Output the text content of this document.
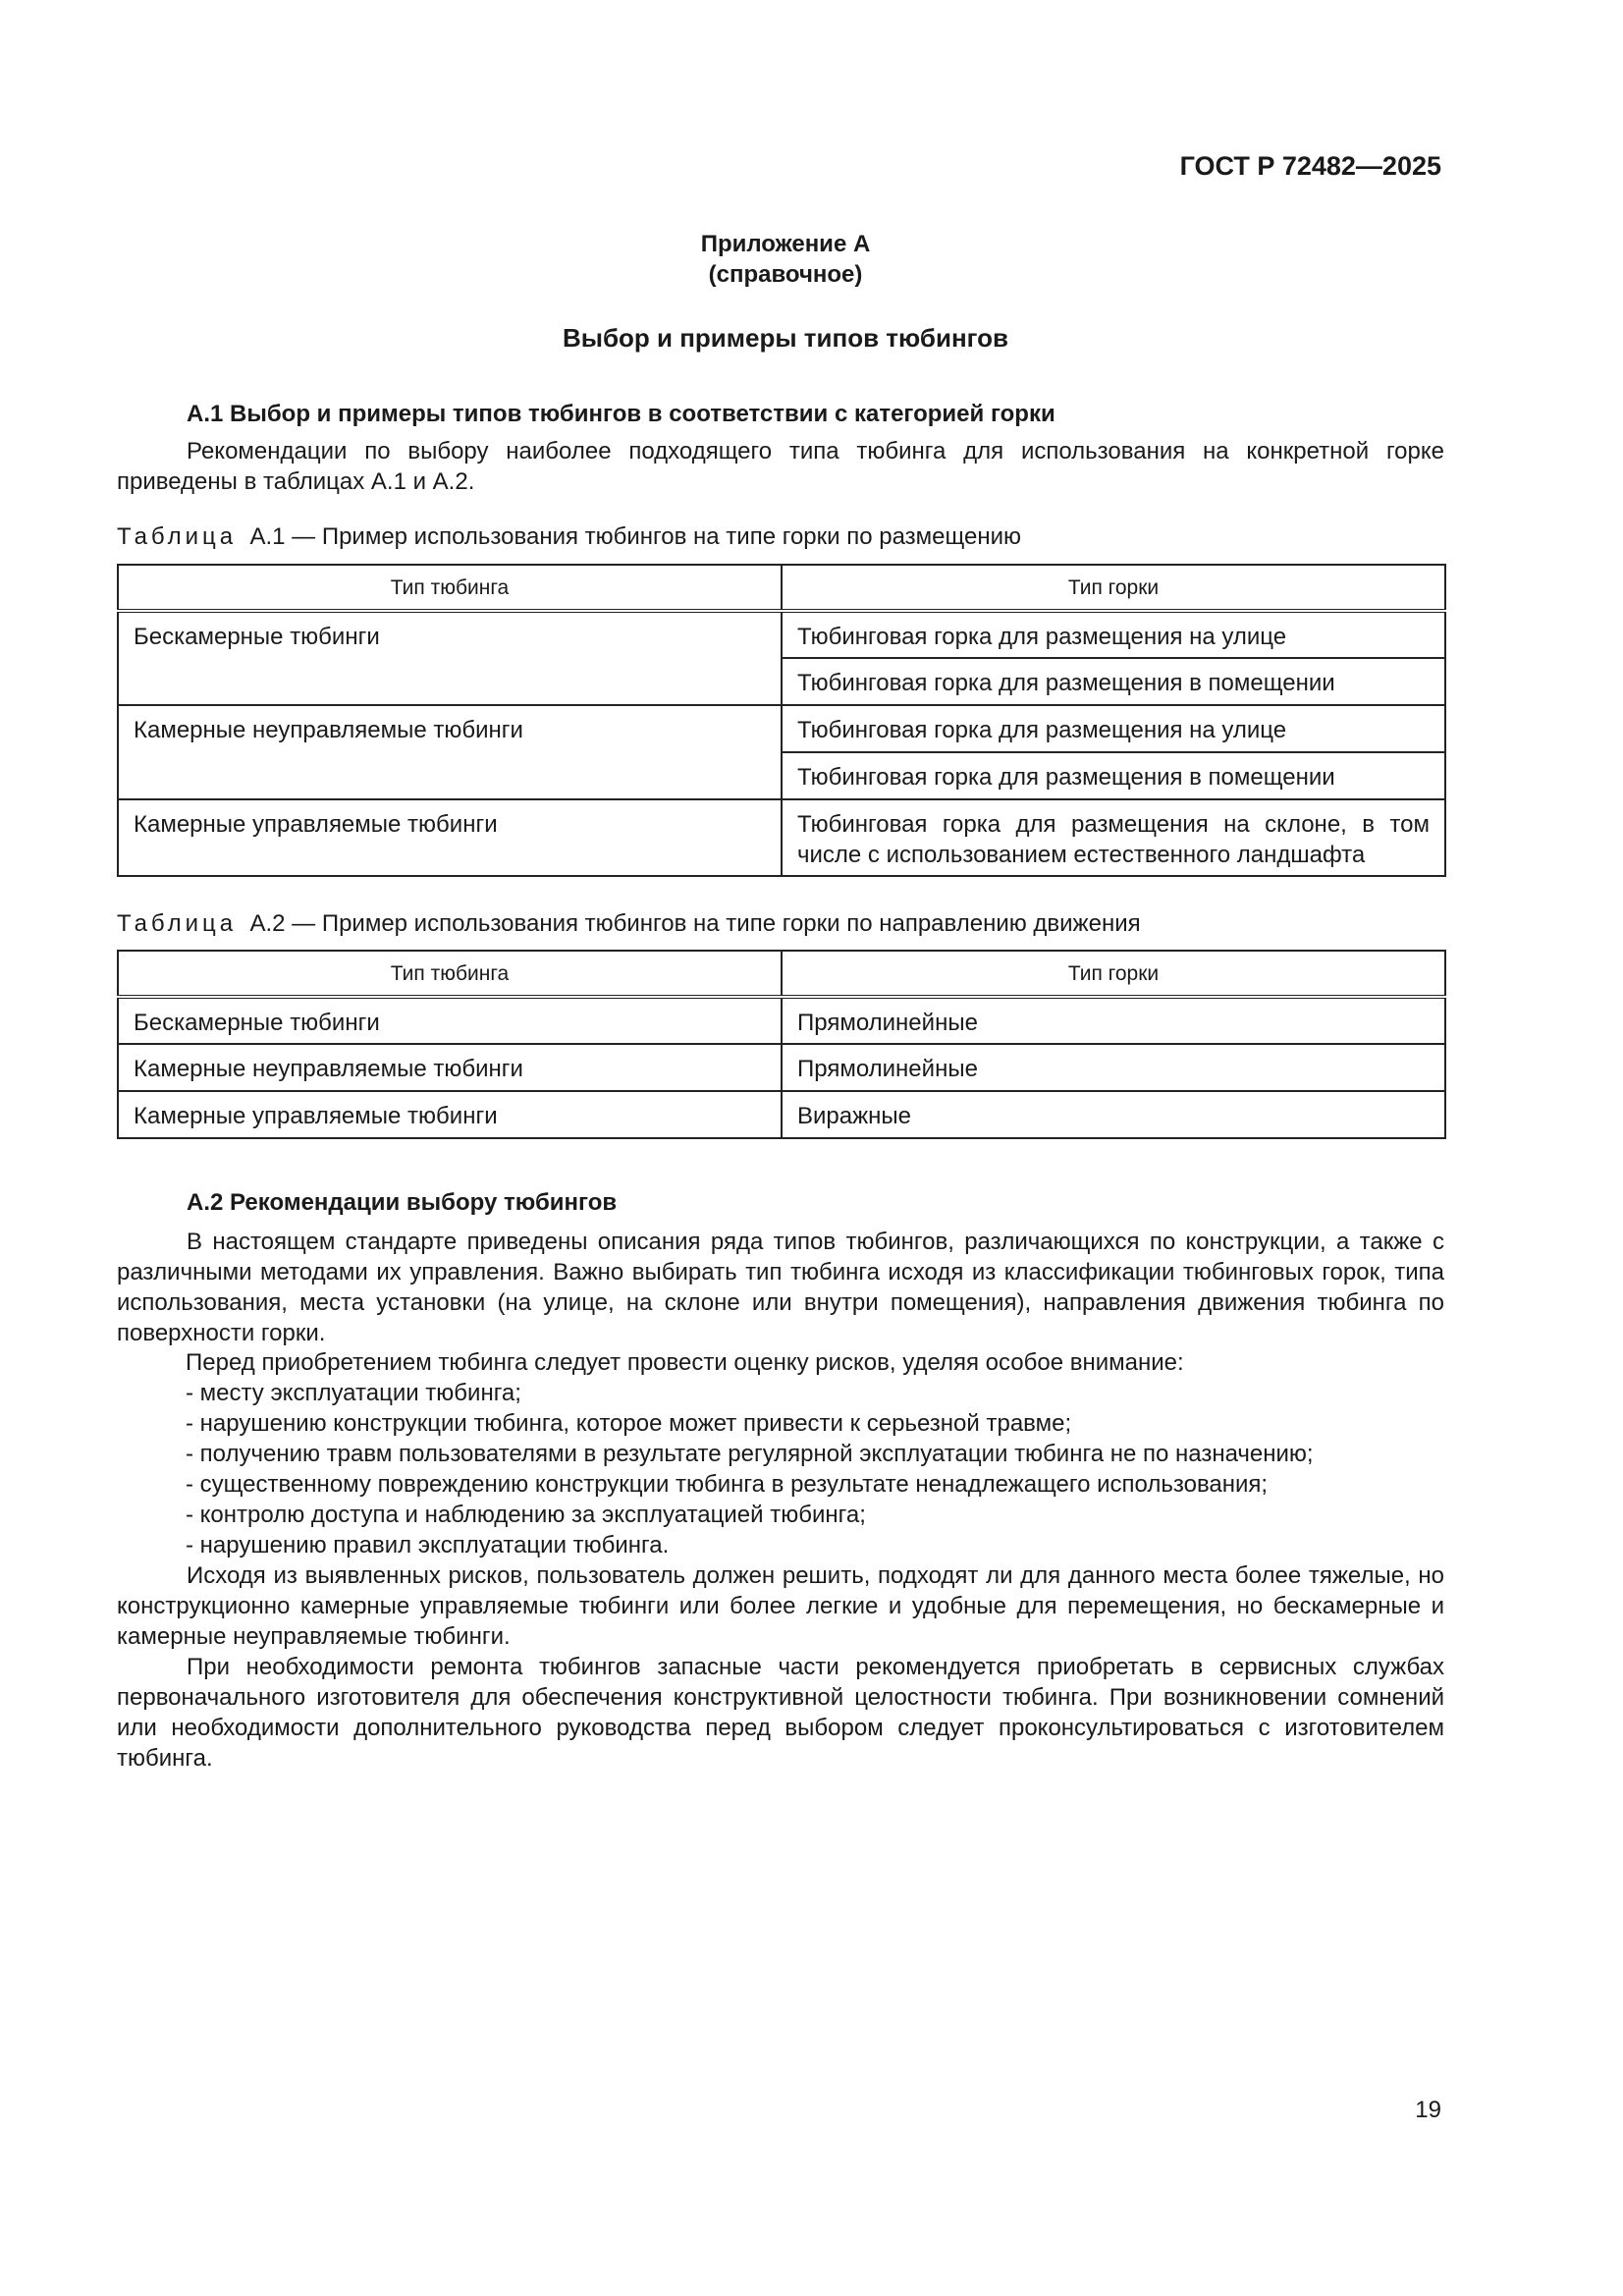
ГОСТ Р 72482—2025
Приложение А
(справочное)
Выбор и примеры типов тюбингов
А.1 Выбор и примеры типов тюбингов в соответствии с категорией горки

Рекомендации по выбору наиболее подходящего типа тюбинга для использования на конкретной горке приведены в таблицах А.1 и А.2.

Таблица А.1 — Пример использования тюбингов на типе горки по размещению
Тип тюбинга	Тип горки
Бескамерные тюбинги	Тюбинговая горка для размещения на улице
	Тюбинговая горка для размещения в помещении
Камерные неуправляемые тюбинги	Тюбинговая горка для размещения на улице
	Тюбинговая горка для размещения в помещении
Камерные управляемые тюбинги	Тюбинговая горка для размещения на склоне, в том числе с использованием естественного ландшафта
Таблица А.2 — Пример использования тюбингов на типе горки по направлению движения
Тип тюбинга	Тип горки
Бескамерные тюбинги	Прямолинейные
Камерные неуправляемые тюбинги	Прямолинейные
Камерные управляемые тюбинги	Виражные
А.2 Рекомендации выбору тюбингов

В настоящем стандарте приведены описания ряда типов тюбингов, различающихся по конструкции, а также с различными методами их управления. Важно выбирать тип тюбинга исходя из классификации тюбинговых горок, типа использования, места установки (на улице, на склоне или внутри помещения), направления движения тюбинга по поверхности горки.

Перед приобретением тюбинга следует провести оценку рисков, уделяя особое внимание:
- месту эксплуатации тюбинга;
- нарушению конструкции тюбинга, которое может привести к серьезной травме;
- получению травм пользователями в результате регулярной эксплуатации тюбинга не по назначению;
- существенному повреждению конструкции тюбинга в результате ненадлежащего использования;
- контролю доступа и наблюдению за эксплуатацией тюбинга;
- нарушению правил эксплуатации тюбинга.

Исходя из выявленных рисков, пользователь должен решить, подходят ли для данного места более тяжелые, но конструкционно камерные управляемые тюбинги или более легкие и удобные для перемещения, но бескамерные и камерные неуправляемые тюбинги.

При необходимости ремонта тюбингов запасные части рекомендуется приобретать в сервисных службах первоначального изготовителя для обеспечения конструктивной целостности тюбинга. При возникновении сомнений или необходимости дополнительного руководства перед выбором следует проконсультироваться с изготовителем тюбинга.

19
